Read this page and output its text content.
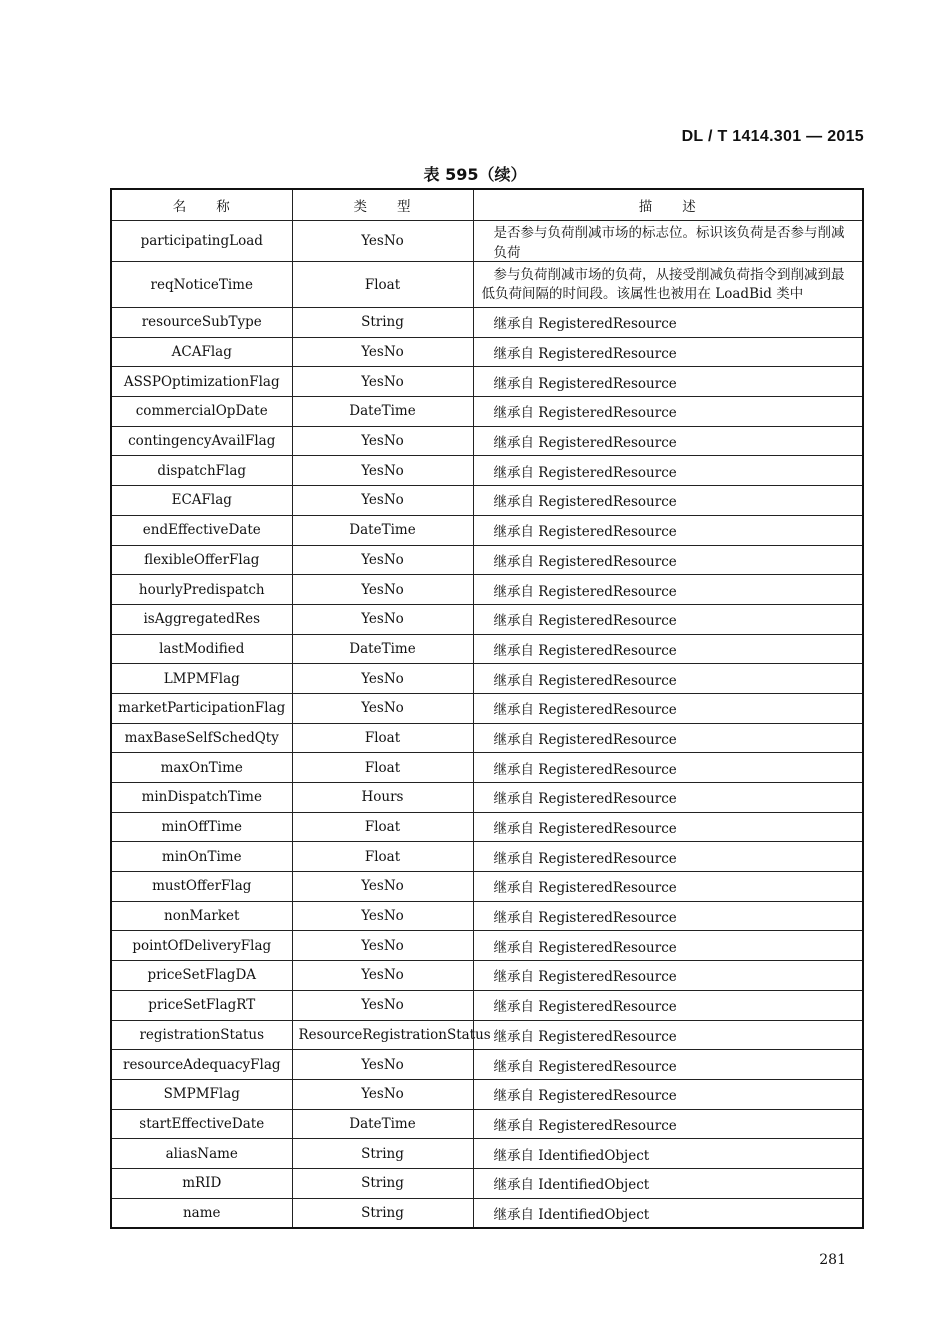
DL / T 1414.301 — 2015
表 595（续）
名　　称	类　　型	描　　述
participatingLoad	YesNo	是否参与负荷削减市场的标志位。标识该负荷是否参与削减负荷
reqNoticeTime	Float	参与负荷削减市场的负荷，从接受削减负荷指令到削减到最低负荷间隔的时间段。该属性也被用在 LoadBid 类中
resourceSubType	String	继承自 RegisteredResource
ACAFlag	YesNo	继承自 RegisteredResource
ASSPOptimizationFlag	YesNo	继承自 RegisteredResource
commercialOpDate	DateTime	继承自 RegisteredResource
contingencyAvailFlag	YesNo	继承自 RegisteredResource
dispatchFlag	YesNo	继承自 RegisteredResource
ECAFlag	YesNo	继承自 RegisteredResource
endEffectiveDate	DateTime	继承自 RegisteredResource
flexibleOfferFlag	YesNo	继承自 RegisteredResource
hourlyPredispatch	YesNo	继承自 RegisteredResource
isAggregatedRes	YesNo	继承自 RegisteredResource
lastModified	DateTime	继承自 RegisteredResource
LMPMFlag	YesNo	继承自 RegisteredResource
marketParticipationFlag	YesNo	继承自 RegisteredResource
maxBaseSelfSchedQty	Float	继承自 RegisteredResource
maxOnTime	Float	继承自 RegisteredResource
minDispatchTime	Hours	继承自 RegisteredResource
minOffTime	Float	继承自 RegisteredResource
minOnTime	Float	继承自 RegisteredResource
mustOfferFlag	YesNo	继承自 RegisteredResource
nonMarket	YesNo	继承自 RegisteredResource
pointOfDeliveryFlag	YesNo	继承自 RegisteredResource
priceSetFlagDA	YesNo	继承自 RegisteredResource
priceSetFlagRT	YesNo	继承自 RegisteredResource
registrationStatus	ResourceRegistrationStatus	继承自 RegisteredResource
resourceAdequacyFlag	YesNo	继承自 RegisteredResource
SMPMFlag	YesNo	继承自 RegisteredResource
startEffectiveDate	DateTime	继承自 RegisteredResource
aliasName	String	继承自 IdentifiedObject
mRID	String	继承自 IdentifiedObject
name	String	继承自 IdentifiedObject
281
